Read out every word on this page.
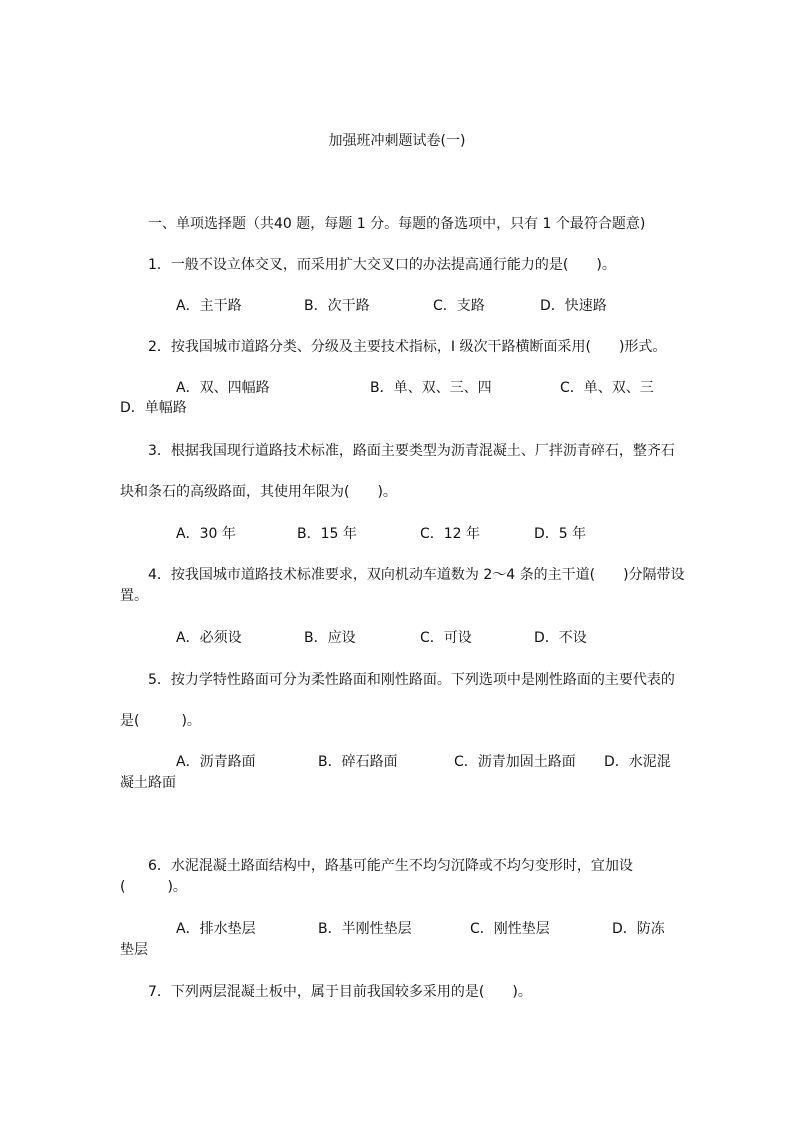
加强班冲刺题试卷(一)
一、单项选择题（共40 题，每题 1 分。每题的备选项中，只有 1 个最符合题意)
1．一般不设立体交叉，而采用扩大交叉口的办法提高通行能力的是(　　)。
A．主干路	B．次干路	C．支路	D．快速路
2．按我国城市道路分类、分级及主要技术指标，I 级次干路横断面采用(　　)形式。
A．双、四幅路	B．单、双、三、四	C．单、双、三
D．单幅路
3．根据我国现行道路技术标准，路面主要类型为沥青混凝土、厂拌沥青碎石，整齐石
块和条石的高级路面，其使用年限为(　　)。
A．30 年	B．15 年	C．12 年	D．5 年
4．按我国城市道路技术标准要求，双向机动车道数为 2～4 条的主干道(　　)分隔带设
置。
A．必须设	B．应设	C．可设	D．不设
5．按力学特性路面可分为柔性路面和刚性路面。下列选项中是刚性路面的主要代表的
是(　　　)。
A．沥青路面	B．碎石路面	C．沥青加固土路面 D．水泥混
凝土路面
6．水泥混凝土路面结构中，路基可能产生不均匀沉降或不均匀变形时，宜加设
(　　　)。
A．排水垫层	B．半刚性垫层	C．刚性垫层	D．防冻
垫层
7．下列两层混凝土板中，属于目前我国较多采用的是(　　)。
